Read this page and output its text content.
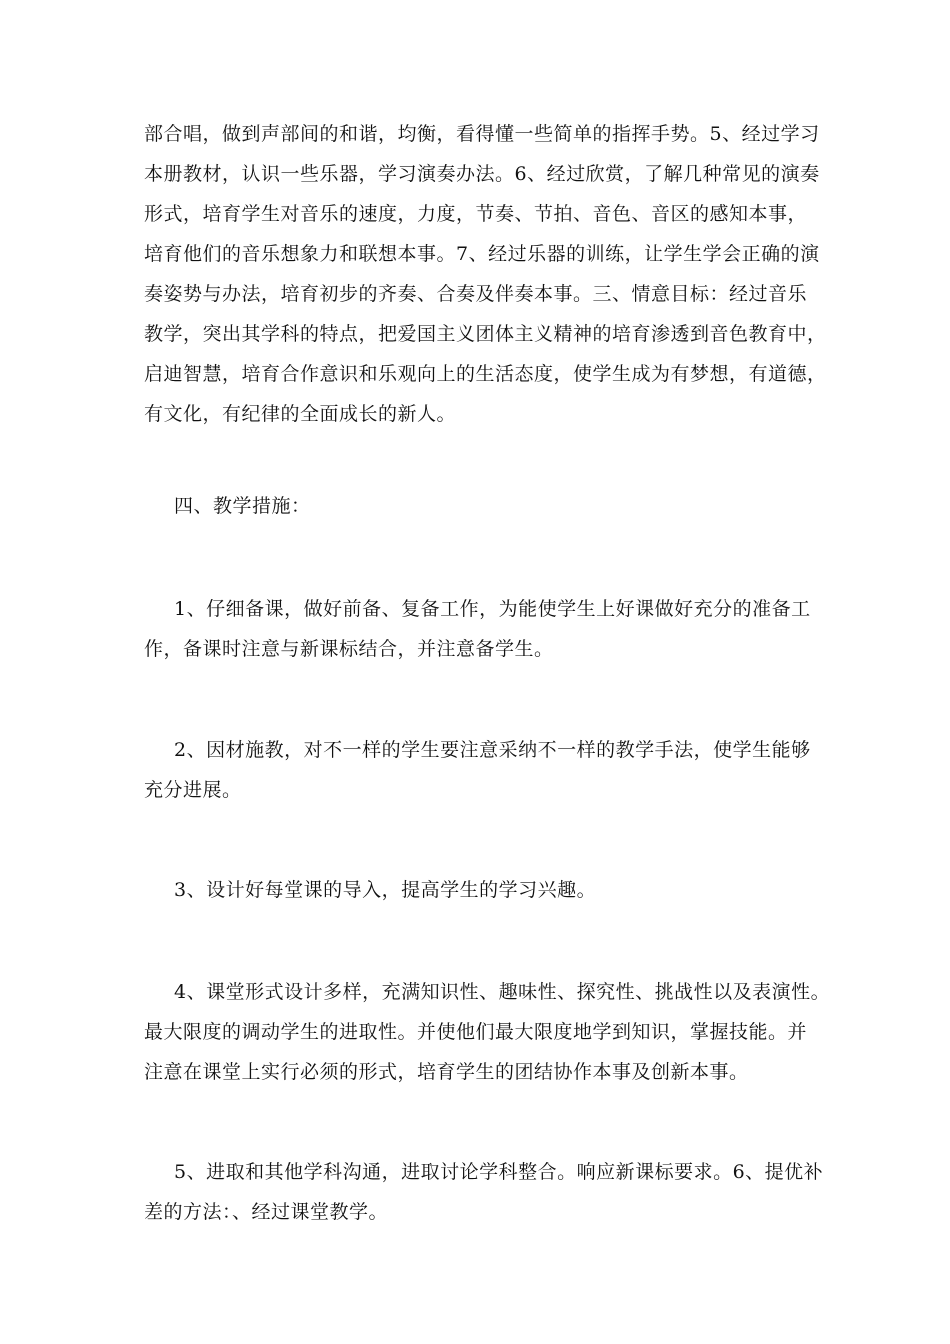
部合唱，做到声部间的和谐，均衡，看得懂一些简单的指挥手势。5、经过学习
本册教材，认识一些乐器，学习演奏办法。6、经过欣赏，了解几种常见的演奏
形式，培育学生对音乐的速度，力度，节奏、节拍、音色、音区的感知本事，
培育他们的音乐想象力和联想本事。7、经过乐器的训练，让学生学会正确的演
奏姿势与办法，培育初步的齐奏、合奏及伴奏本事。三、情意目标：经过音乐
教学，突出其学科的特点，把爱国主义团体主义精神的培育渗透到音色教育中，
启迪智慧，培育合作意识和乐观向上的生活态度，使学生成为有梦想，有道德，
有文化，有纪律的全面成长的新人。
四、教学措施：
1、仔细备课，做好前备、复备工作，为能使学生上好课做好充分的准备工
作，备课时注意与新课标结合，并注意备学生。
2、因材施教，对不一样的学生要注意采纳不一样的教学手法，使学生能够
充分进展。
3、设计好每堂课的导入，提高学生的学习兴趣。
4、课堂形式设计多样，充满知识性、趣味性、探究性、挑战性以及表演性。
最大限度的调动学生的进取性。并使他们最大限度地学到知识，掌握技能。并
注意在课堂上实行必须的形式，培育学生的团结协作本事及创新本事。
5、进取和其他学科沟通，进取讨论学科整合。响应新课标要求。6、提优补
差的方法：、经过课堂教学。
